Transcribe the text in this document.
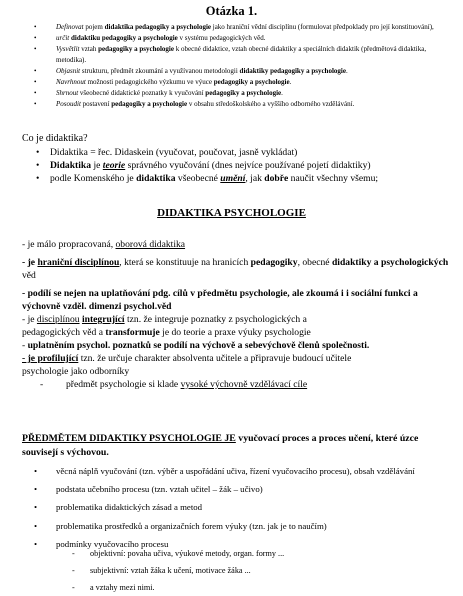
Otázka 1.
•	Definovat pojem didaktika pedagogiky a psychologie jako hraniční vědní disciplínu (formulovat předpoklady pro její konstituování),
•	určit didaktiku pedagogiky a psychologie v systému pedagogických věd.
•	Vysvětlit vztah pedagogiky a psychologie k obecné didaktice, vztah obecné didaktiky a speciálních didaktik (předmětová didaktika, metodika).
•	Objasnit strukturu, předmět zkoumání a využívanou metodologii didaktiky pedagogiky a psychologie.
•	Navrhnout možnosti pedagogického výzkumu ve výuce pedagogiky a psychologie.
•	Shrnout všeobecné didaktické poznatky k vyučování pedagogiky a psychologie.
•	Posoudit postavení pedagogiky a psychologie v obsahu středoškolského a vyššího odborného vzdělávání.
Co je didaktika?
• Didaktika = řec. Didaskein (vyučovat, poučovat, jasně vykládat)
• Didaktika je teorie správného vyučování (dnes nejvíce používané pojetí didaktiky)
• podle Komenského je didaktika všeobecné umění, jak dobře naučit všechny všemu;
DIDAKTIKA PSYCHOLOGIE

- je málo propracovaná, oborová didaktika

- je hraniční disciplínou, která se konstituuje na hranicích pedagogiky, obecné didaktiky a psychologických

věd

- podílí se nejen na uplatňování pdg. cílů v předmětu psychologie, ale zkoumá i i sociální funkci a

výchovně vzděl. dimenzi psychol.věd

- je disciplínou integrující tzn. že integruje poznatky z psychologických a

pedagogických věd a transformuje je do teorie a praxe výuky psychologie

- uplatněním psychol. poznatků se podílí na výchově a sebevýchově členů společnosti.

- je profilující tzn. že určuje charakter absolventa učitele a připravuje budoucí učitele

psychologie jako odborníky

- předmět psychologie si klade vysoké výchovně vzdělávací cíle

PŘEDMĚTEM DIDAKTIKY PSYCHOLOGIE JE vyučovací proces a proces učení, které úzce souvisejí s výchovou.

• věcná náplň vyučování (tzn. výběr a uspořádání učiva, řízení vyučovacího procesu), obsah vzdělávání
• podstata učebního procesu (tzn. vztah učitel – žák – učivo)
• problematika didaktických zásad a metod
• problematika prostředků a organizačních forem výuky (tzn. jak je to naučím)
• podmínky vyučovacího procesu
- objektivní: povaha učiva, výukové metody, organ. formy ...
- subjektivní: vztah žáka k učení, motivace žáka ...
- a vztahy mezi nimi.
